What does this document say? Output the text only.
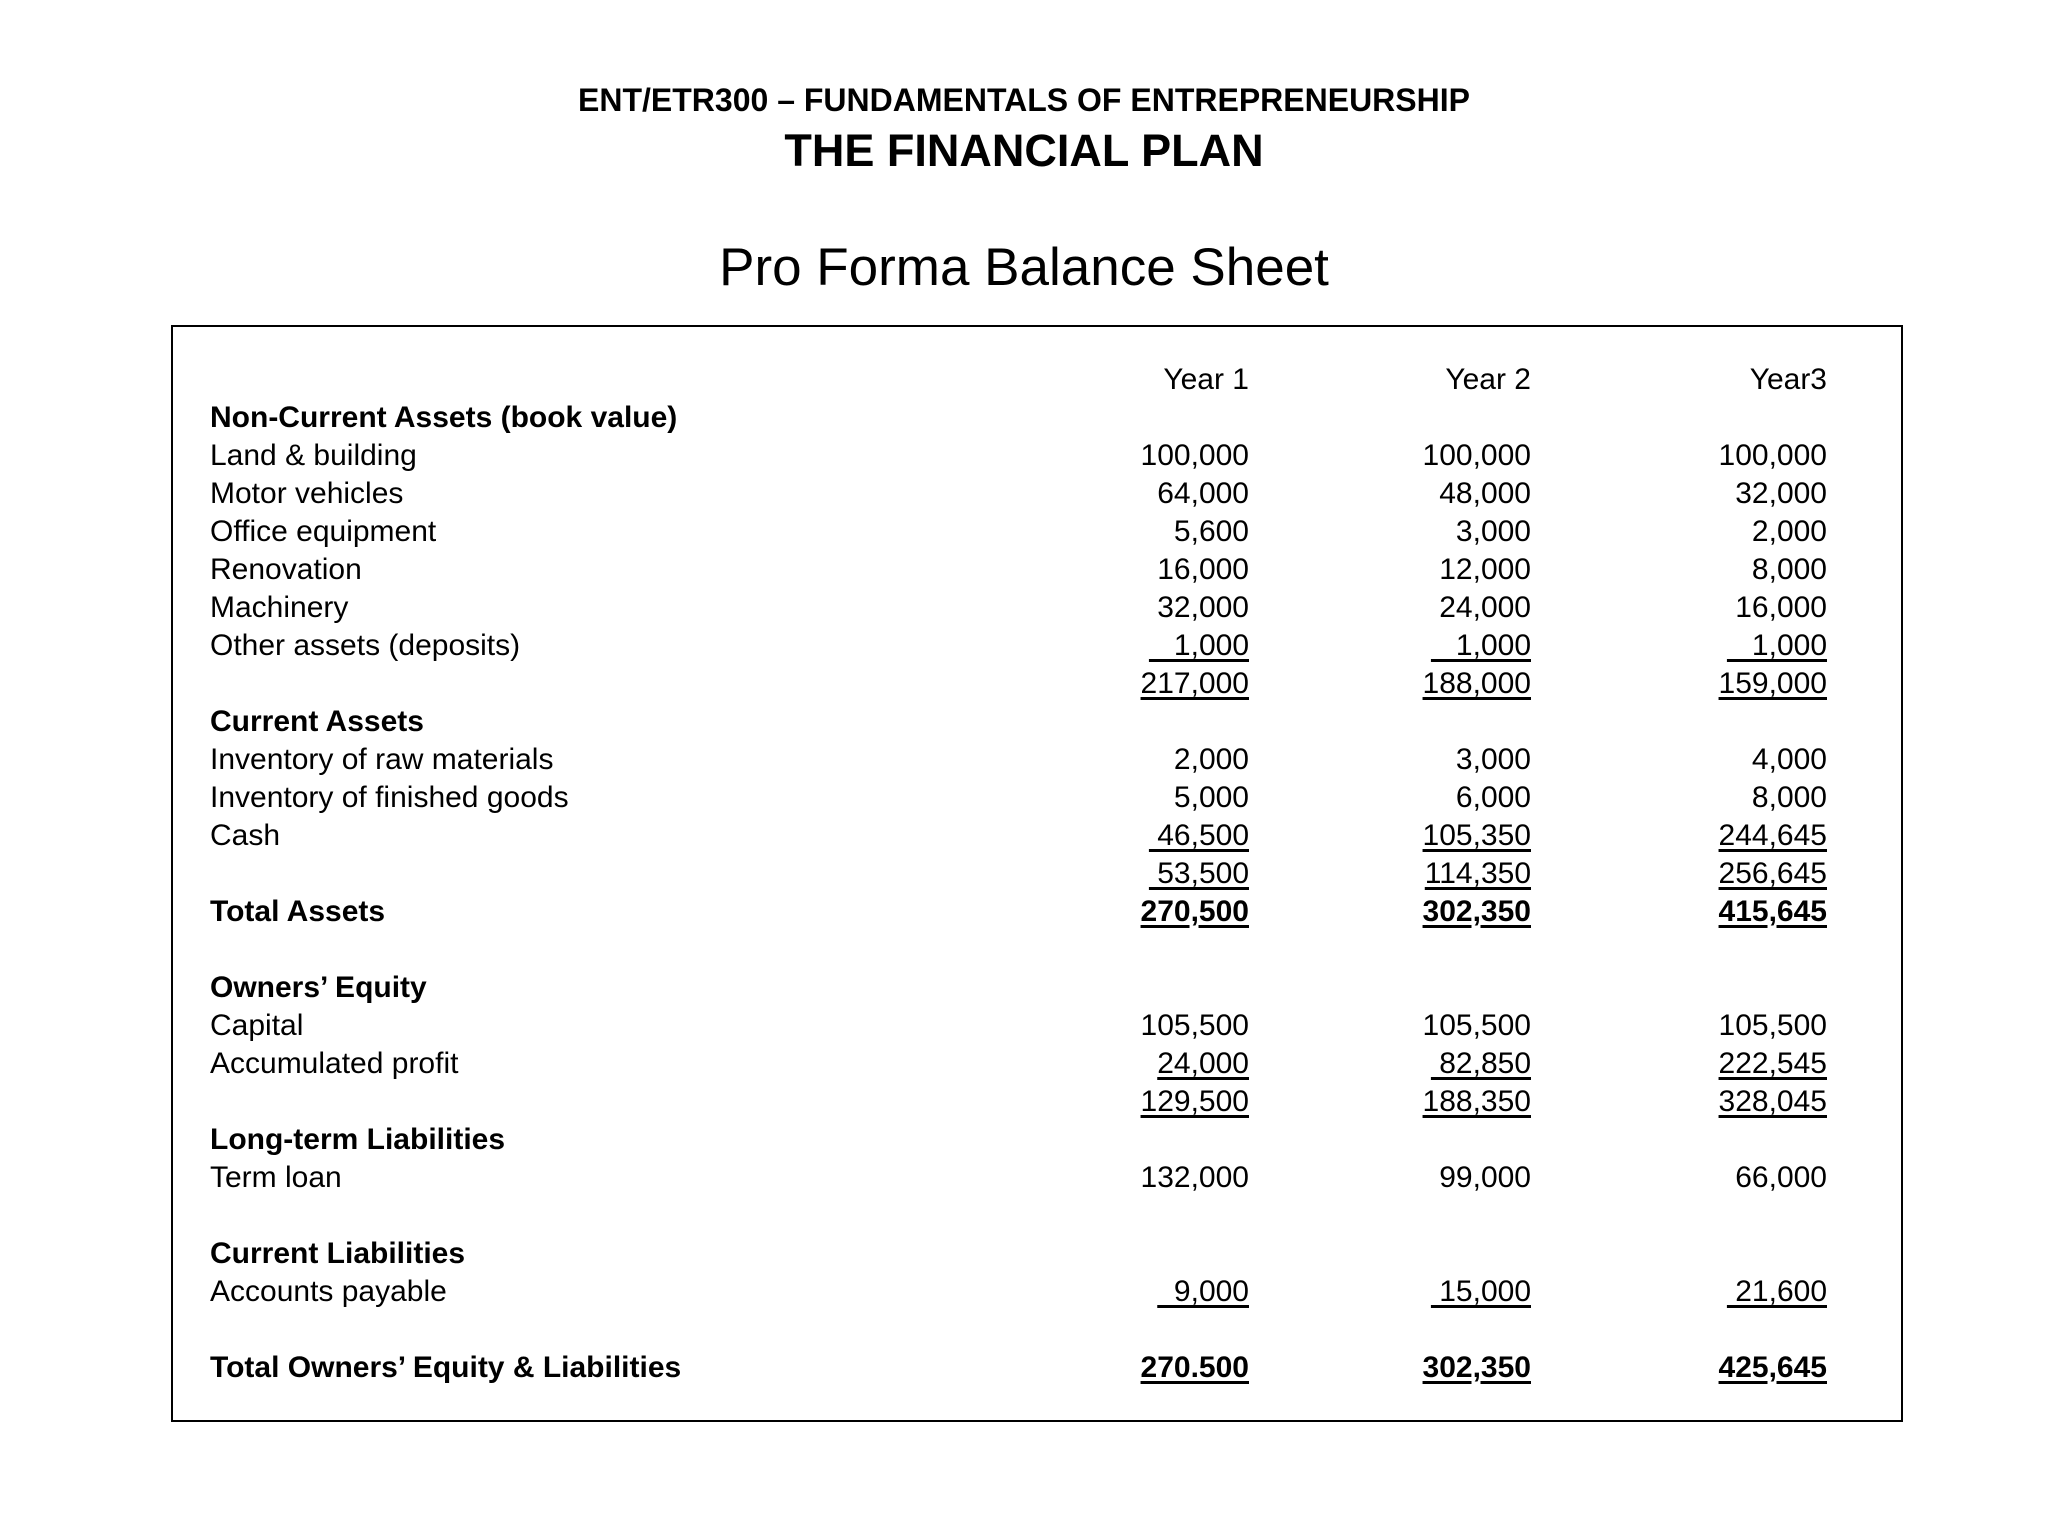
ENT/ETR300 – FUNDAMENTALS OF ENTREPRENEURSHIP
THE FINANCIAL PLAN
Pro Forma Balance Sheet
Year 1	Year 2	Year3
Non-Current Assets (book value)
Land & building	100,000	100,000	100,000
Motor vehicles	64,000	48,000	32,000
Office equipment	5,600	3,000	2,000
Renovation	16,000	12,000	8,000
Machinery	32,000	24,000	16,000
Other assets (deposits)	1,000	1,000	1,000
217,000	188,000	159,000
Current Assets
Inventory of raw materials	2,000	3,000	4,000
Inventory of finished goods	5,000	6,000	8,000
Cash	46,500	105,350	244,645
53,500	114,350	256,645
Total Assets	270,500	302,350	415,645
Owners’ Equity
Capital	105,500	105,500	105,500
Accumulated profit	24,000	82,850	222,545
129,500	188,350	328,045
Long-term Liabilities
Term loan	132,000	99,000	66,000
Current Liabilities
Accounts payable	9,000	15,000	21,600
Total Owners’ Equity & Liabilities	270.500	302,350	425,645
